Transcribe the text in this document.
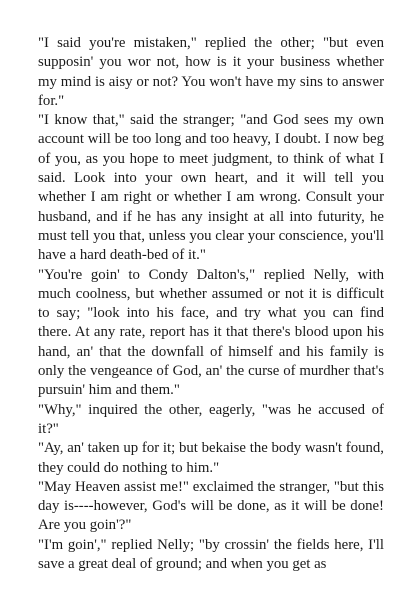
"I said you're mistaken," replied the other; "but even supposin' you wor not, how is it your business whether my mind is aisy or not? You won't have my sins to answer for."

"I know that," said the stranger; "and God sees my own account will be too long and too heavy, I doubt. I now beg of you, as you hope to meet judgment, to think of what I said. Look into your own heart, and it will tell you whether I am right or whether I am wrong. Consult your husband, and if he has any insight at all into futurity, he must tell you that, unless you clear your conscience, you'll have a hard death-bed of it."

"You're goin' to Condy Dalton's," replied Nelly, with much coolness, but whether assumed or not it is difficult to say; "look into his face, and try what you can find there. At any rate, report has it that there's blood upon his hand, an' that the downfall of himself and his family is only the vengeance of God, an' the curse of murdher that's pursuin' him and them."

"Why," inquired the other, eagerly, "was he accused of it?"

"Ay, an' taken up for it; but bekaise the body wasn't found, they could do nothing to him."

"May Heaven assist me!" exclaimed the stranger, "but this day is----however, God's will be done, as it will be done! Are you goin'?"

"I'm goin'," replied Nelly; "by crossin' the fields here, I'll save a great deal of ground; and when you get as
